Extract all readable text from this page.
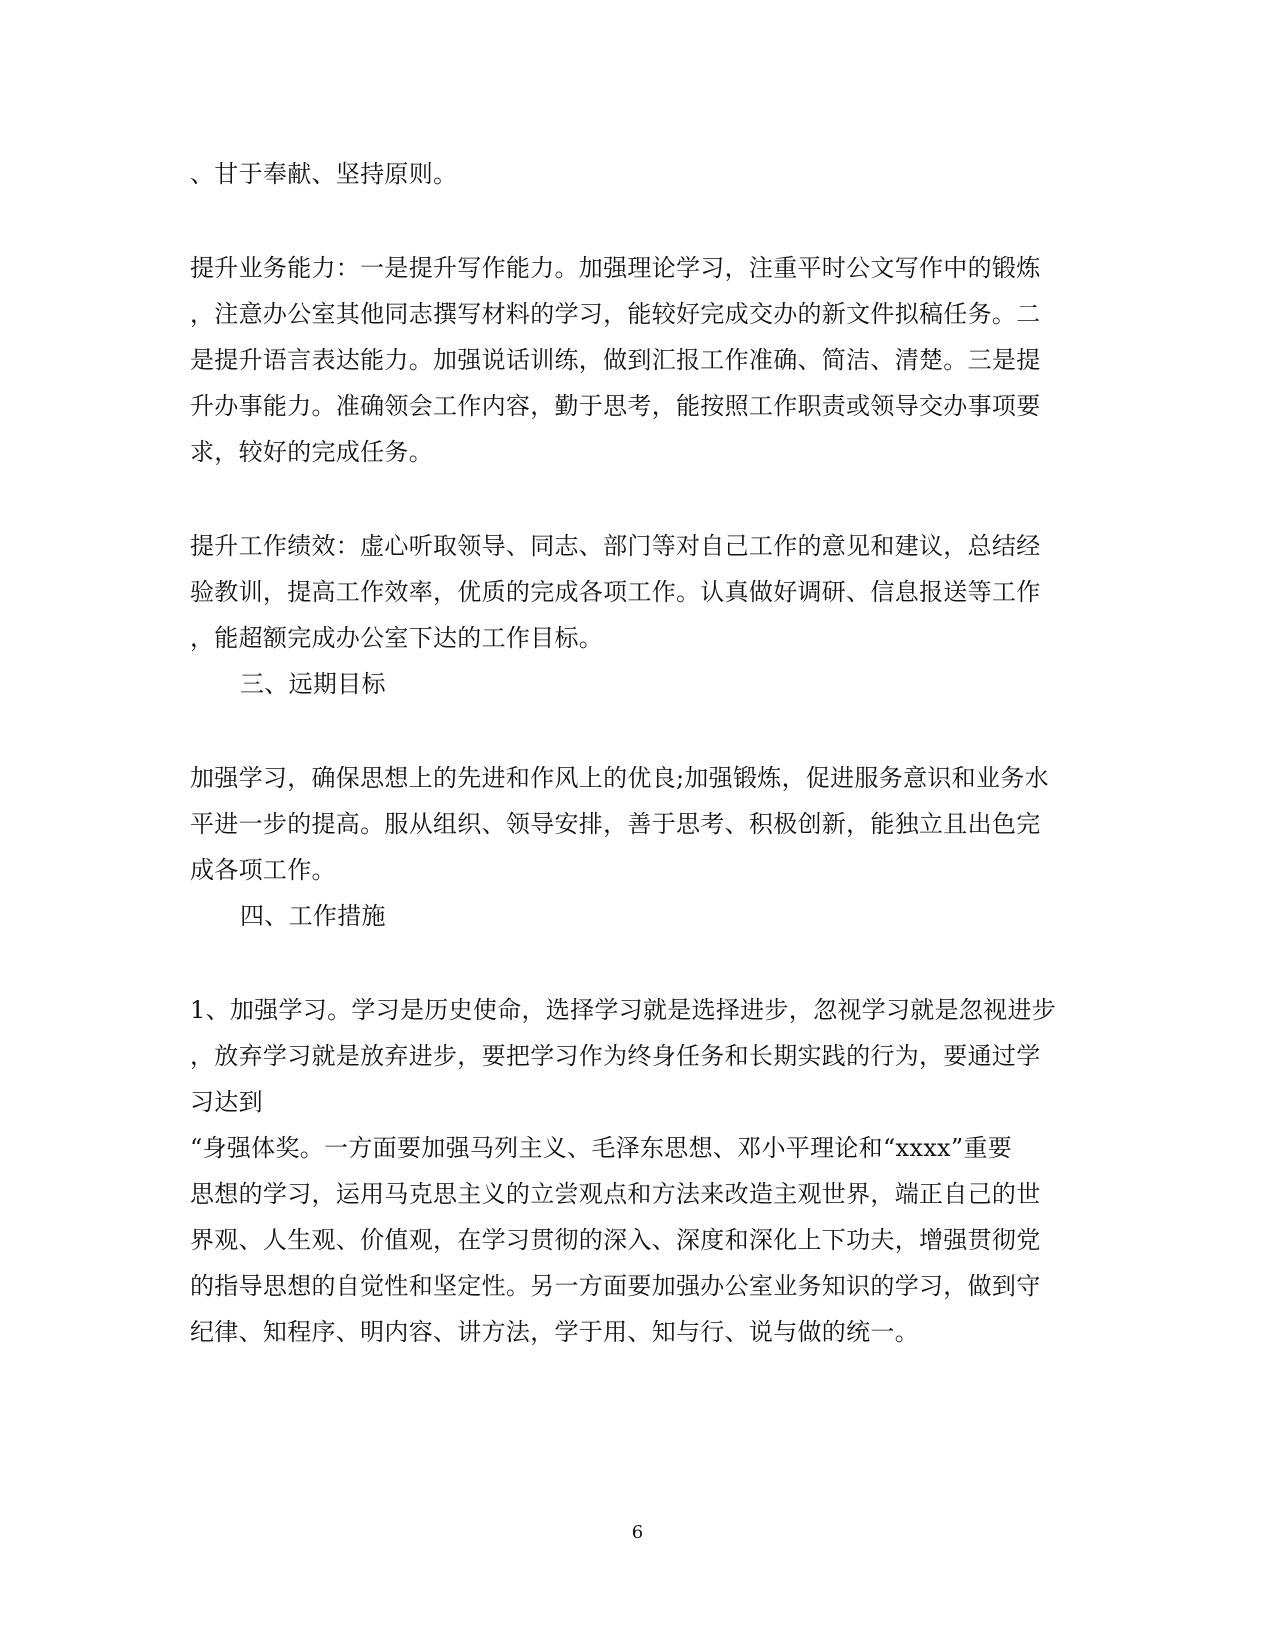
、甘于奉献、坚持原则。

提升业务能力：一是提升写作能力。加强理论学习，注重平时公文写作中的锻炼

，注意办公室其他同志撰写材料的学习，能较好完成交办的新文件拟稿任务。二

是提升语言表达能力。加强说话训练，做到汇报工作准确、简洁、清楚。三是提

升办事能力。准确领会工作内容，勤于思考，能按照工作职责或领导交办事项要

求，较好的完成任务。

提升工作绩效：虚心听取领导、同志、部门等对自己工作的意见和建议，总结经

验教训，提高工作效率，优质的完成各项工作。认真做好调研、信息报送等工作

，能超额完成办公室下达的工作目标。

三、远期目标

加强学习，确保思想上的先进和作风上的优良;加强锻炼，促进服务意识和业务水

平进一步的提高。服从组织、领导安排，善于思考、积极创新，能独立且出色完

成各项工作。

四、工作措施

1、加强学习。学习是历史使命，选择学习就是选择进步，忽视学习就是忽视进步

，放弃学习就是放弃进步，要把学习作为终身任务和长期实践的行为，要通过学

习达到

“身强体奖。一方面要加强马列主义、毛泽东思想、邓小平理论和“xxxx”重要

思想的学习，运用马克思主义的立尝观点和方法来改造主观世界，端正自己的世

界观、人生观、价值观，在学习贯彻的深入、深度和深化上下功夫，增强贯彻党

的指导思想的自觉性和坚定性。另一方面要加强办公室业务知识的学习，做到守

纪律、知程序、明内容、讲方法，学于用、知与行、说与做的统一。

6
